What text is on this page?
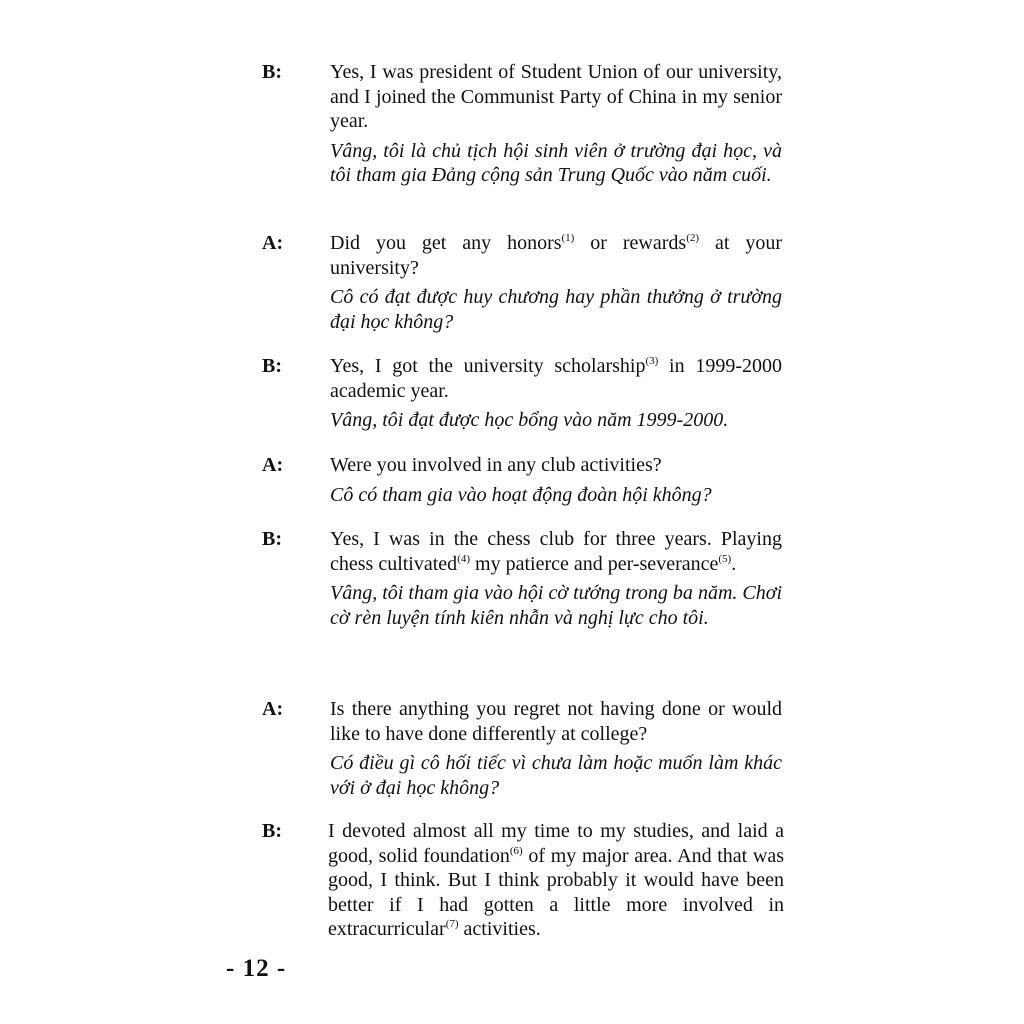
B: Yes, I was president of Student Union of our university, and I joined the Communist Party of China in my senior year.

Vâng, tôi là chủ tịch hội sinh viên ở trường đại học, và tôi tham gia Đảng cộng sản Trung Quốc vào năm cuối.

A: Did you get any honors$^{(1)}$ or rewards$^{(2)}$ at your university?

Cô có đạt được huy chương hay phần thưởng ở trường đại học không?

B: Yes, I got the university scholarship$^{(3)}$ in 1999-2000 academic year.

Vâng, tôi đạt được học bổng vào năm 1999-2000.

A: Were you involved in any club activities?

Cô có tham gia vào hoạt động đoàn hội không?

B: Yes, I was in the chess club for three years. Playing chess cultivated$^{(4)}$ my patierce and per-severance$^{(5)}$.

Vâng, tôi tham gia vào hội cờ tướng trong ba năm. Chơi cờ rèn luyện tính kiên nhẫn và nghị lực cho tôi.

A: Is there anything you regret not having done or would like to have done differently at college?

Có điều gì cô hối tiếc vì chưa làm hoặc muốn làm khác với ở đại học không?

B: I devoted almost all my time to my studies, and laid a good, solid foundation$^{(6)}$ of my major area. And that was good, I think. But I think probably it would have been better if I had gotten a little more involved in extracurricular$^{(7)}$ activities.

- 12 -
